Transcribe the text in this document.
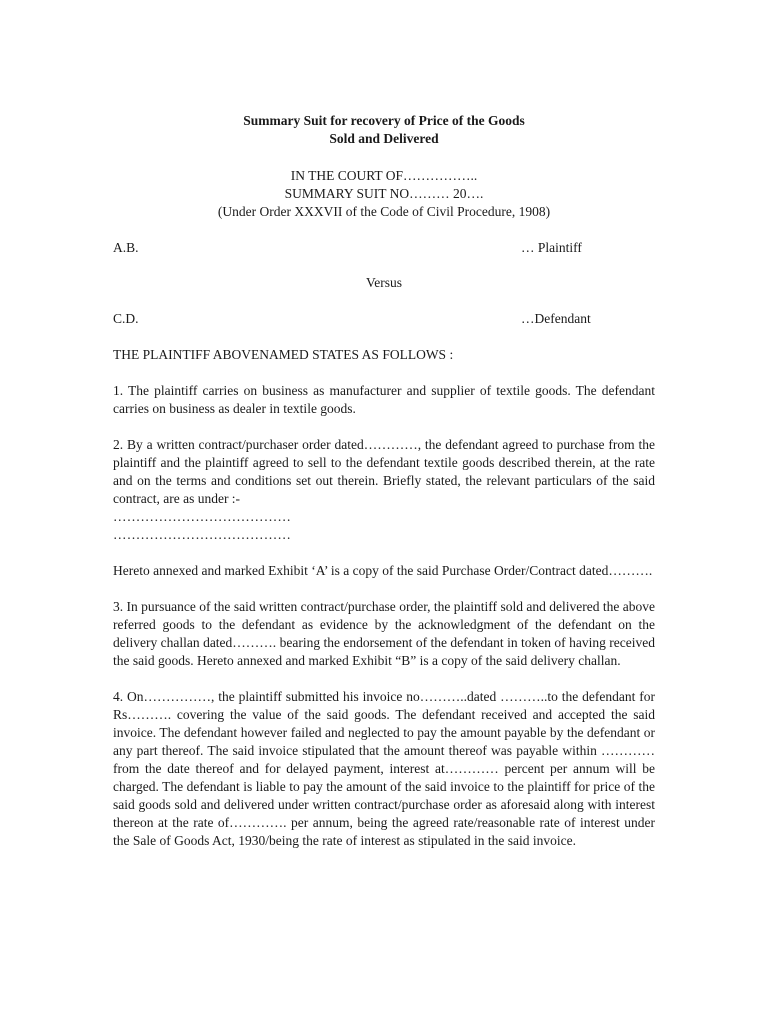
Summary Suit for recovery of Price of the Goods
Sold and Delivered

IN THE COURT OF……………..
SUMMARY SUIT NO……… 20….
(Under Order XXXVII of the Code of Civil Procedure, 1908)
A.B.	… Plaintiff
Versus
C.D.	…Defendant

THE PLAINTIFF ABOVENAMED STATES AS FOLLOWS :

1. The plaintiff carries on business as manufacturer and supplier of textile goods. The defendant carries on business as dealer in textile goods.

2. By a written contract/purchaser order dated…………, the defendant agreed to purchase from the plaintiff and the plaintiff agreed to sell to the defendant textile goods described therein, at the rate and on the terms and conditions set out therein. Briefly stated, the relevant particulars of the said contract, are as under :-

…………………………………

…………………………………

Hereto annexed and marked Exhibit ‘A’ is a copy of the said Purchase Order/Contract dated……….

3. In pursuance of the said written contract/purchase order, the plaintiff sold and delivered the above referred goods to the defendant as evidence by the acknowledgment of the defendant on the delivery challan dated………. bearing the endorsement of the defendant in token of having received the said goods. Hereto annexed and marked Exhibit “B” is a copy of the said delivery challan.

4. On……………, the plaintiff submitted his invoice no………..dated ………..to the defendant for Rs………. covering the value of the said goods. The defendant received and accepted the said invoice. The defendant however failed and neglected to pay the amount payable by the defendant or any part thereof. The said invoice stipulated that the amount thereof was payable within ………… from the date thereof and for delayed payment, interest at………… percent per annum will be charged. The defendant is liable to pay the amount of the said invoice to the plaintiff for price of the said goods sold and delivered under written contract/purchase order as aforesaid along with interest thereon at the rate of…………. per annum, being the agreed rate/reasonable rate of interest under the Sale of Goods Act, 1930/being the rate of interest as stipulated in the said invoice.
